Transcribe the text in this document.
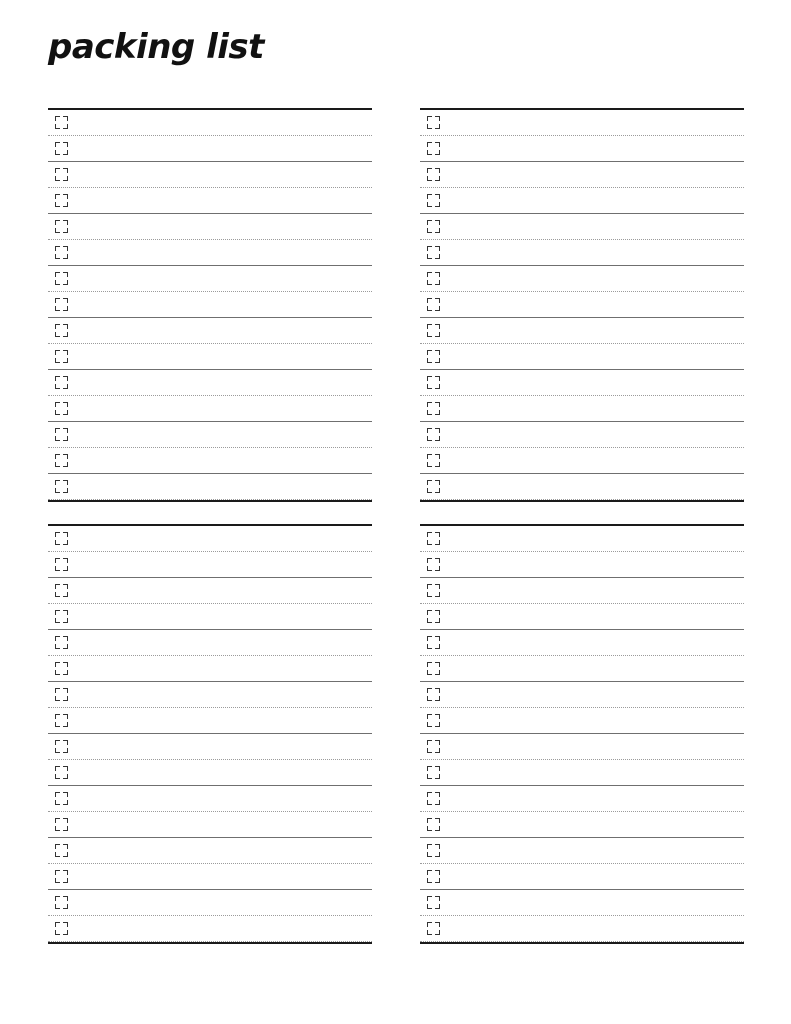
packing list
